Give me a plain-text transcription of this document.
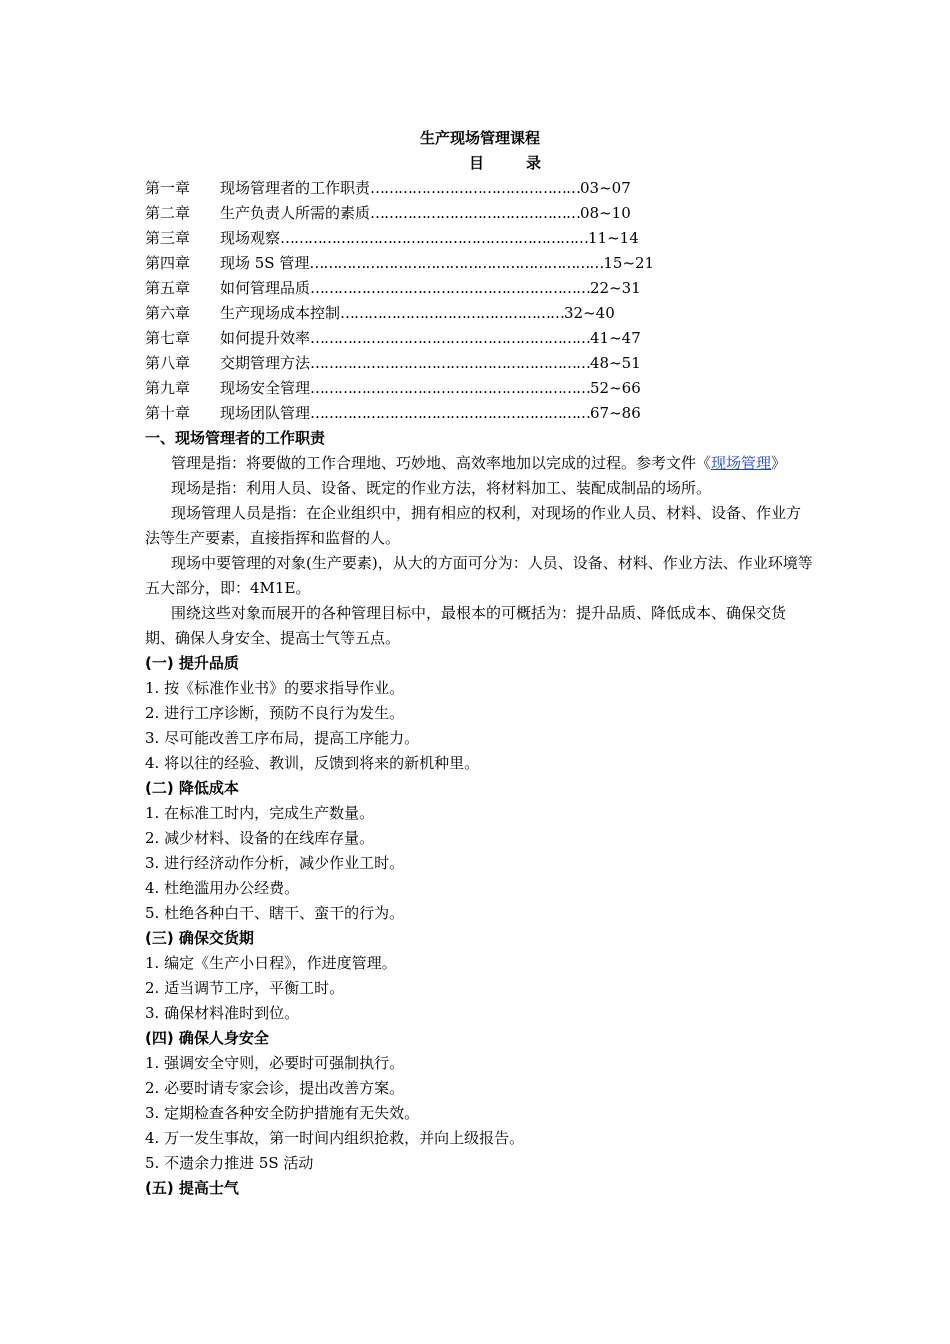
生产现场管理课程
目	录
第一章 现场管理者的工作职责………………………………………03~07
第二章 生产负责人所需的素质………………………………………08~10
第三章 现场观察…………………………………………………………11~14
第四章 现场 5S 管理………………………………………………………15~21
第五章 如何管理品质……………………………………………………22~31
第六章 生产现场成本控制…………………………………………32~40
第七章 如何提升效率……………………………………………………41~47
第八章 交期管理方法……………………………………………………48~51
第九章 现场安全管理……………………………………………………52~66
第十章 现场团队管理……………………………………………………67~86
一、现场管理者的工作职责
管理是指：将要做的工作合理地、巧妙地、高效率地加以完成的过程。参考文件《现场管理》
现场是指：利用人员、设备、既定的作业方法，将材料加工、装配成制品的场所。
现场管理人员是指：在企业组织中，拥有相应的权利，对现场的作业人员、材料、设备、作业方法等生产要素，直接指挥和监督的人。
现场中要管理的对象(生产要素)，从大的方面可分为：人员、设备、材料、作业方法、作业环境等五大部分，即：4M1E。
围绕这些对象而展开的各种管理目标中，最根本的可概括为：提升品质、降低成本、确保交货期、确保人身安全、提高士气等五点。
(一) 提升品质
1. 按《标准作业书》的要求指导作业。
2. 进行工序诊断，预防不良行为发生。
3. 尽可能改善工序布局，提高工序能力。
4. 将以往的经验、教训，反馈到将来的新机种里。
(二) 降低成本
1. 在标准工时内，完成生产数量。
2. 减少材料、设备的在线库存量。
3. 进行经济动作分析，减少作业工时。
4. 杜绝滥用办公经费。
5. 杜绝各种白干、瞎干、蛮干的行为。
(三) 确保交货期
1. 编定《生产小日程》，作进度管理。
2. 适当调节工序，平衡工时。
3. 确保材料准时到位。
(四) 确保人身安全
1. 强调安全守则，必要时可强制执行。
2. 必要时请专家会诊，提出改善方案。
3. 定期检查各种安全防护措施有无失效。
4. 万一发生事故，第一时间内组织抢救，并向上级报告。
5. 不遗余力推进 5S 活动
(五) 提高士气
